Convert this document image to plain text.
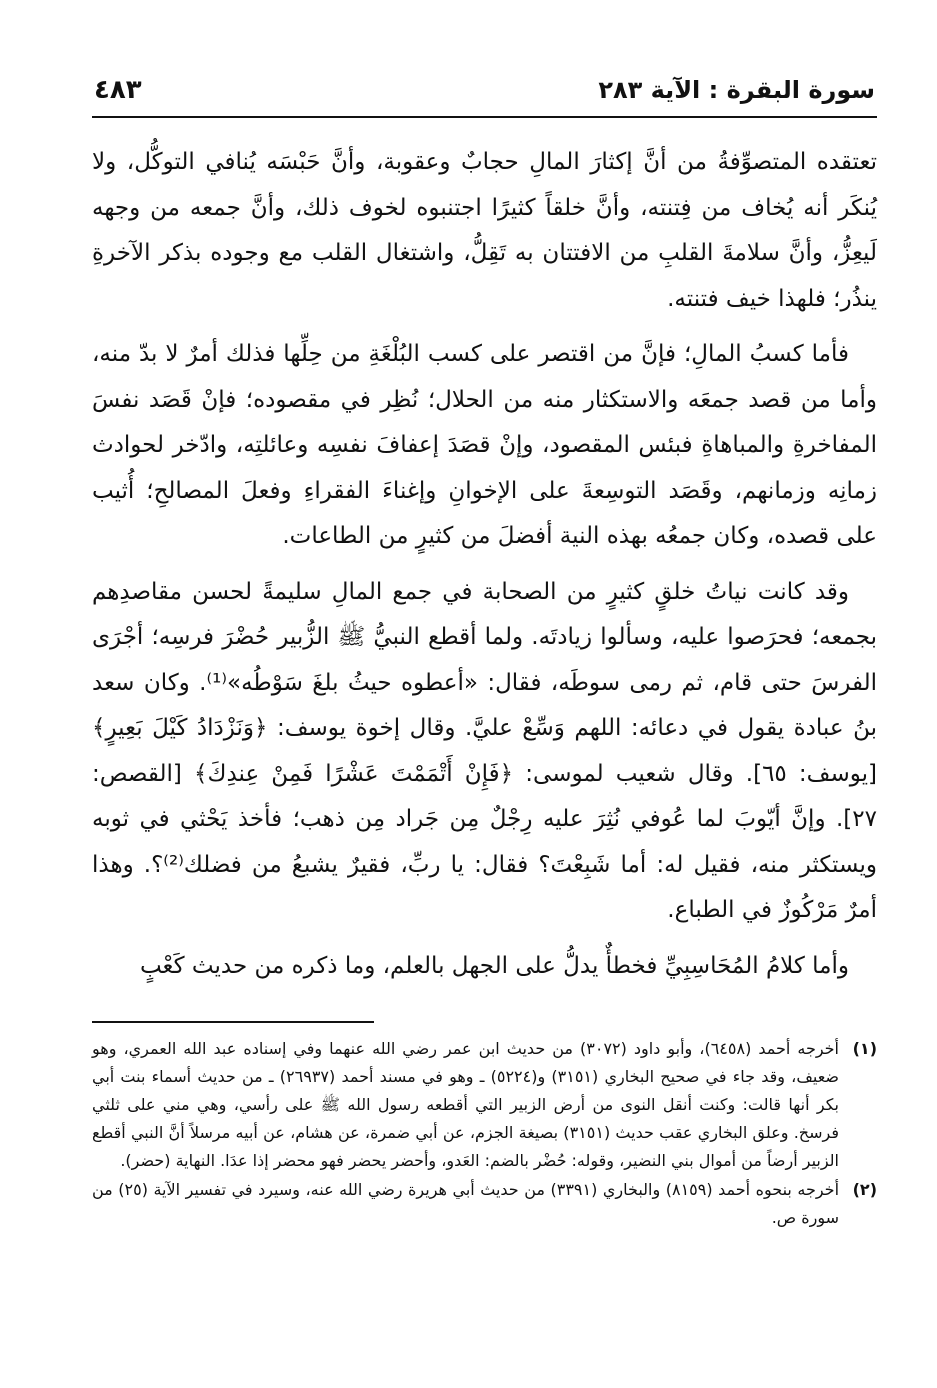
سورة البقرة : الآية ٢٨٣
٤٨٣

تعتقده المتصوِّفةُ من أنَّ إكثارَ المالِ حجابٌ وعقوبة، وأنَّ حَبْسَه يُنافي التوكُّل، ولا يُنكَر أنه يُخاف من فِتنته، وأنَّ خلقاً كثيرًا اجتنبوه لخوف ذلك، وأنَّ جمعه من وجهه لَيعِزُّ، وأنَّ سلامةَ القلبِ من الافتتان به تَقِلُّ، واشتغال القلب مع وجوده بذكر الآخرةِ ينذُر؛ فلهذا خيف فتنته.

فأما كسبُ المالِ؛ فإنَّ من اقتصر على كسب البُلْغَةِ من حِلِّها فذلك أمرٌ لا بدّ منه، وأما من قصد جمعَه والاستكثار منه من الحلال؛ نُظِر في مقصوده؛ فإنْ قَصَد نفسَ المفاخرةِ والمباهاةِ فبئس المقصود، وإنْ قصَدَ إعفافَ نفسِه وعائلتِه، وادّخر لحوادث زمانِه وزمانهم، وقَصَد التوسِعةَ على الإخوانِ وإغناءَ الفقراءِ وفعلَ المصالحِ؛ أُثيب على قصده، وكان جمعُه بهذه النية أفضلَ من كثيرٍ من الطاعات.

وقد كانت نياتُ خلقٍ كثيرٍ من الصحابة في جمع المالِ سليمةً لحسن مقاصدِهم بجمعه؛ فحرَصوا عليه، وسألوا زيادتَه. ولما أقطع النبيُّ ﷺ الزُّبير حُضْرَ فرسِه؛ أجْرَى الفرسَ حتى قام، ثم رمى سوطَه، فقال: «أعطوه حيثُ بلغَ سَوْطُه»⁽¹⁾. وكان سعد بنُ عبادة يقول في دعائه: اللهم وَسِّعْ عليَّ. وقال إخوة يوسف: ﴿وَنَزْدَادُ كَيْلَ بَعِيرٍ﴾ [يوسف: ٦٥]. وقال شعيب لموسى: ﴿فَإِنْ أَتْمَمْتَ عَشْرًا فَمِنْ عِندِكَ﴾ [القصص: ٢٧]. وإنَّ أيّوبَ لما عُوفي نُثِرَ عليه رِجْلٌ مِن جَراد مِن ذهب؛ فأخذ يَحْثي في ثوبه ويستكثر منه، فقيل له: أما شَبِعْتَ؟ فقال: يا ربِّ، فقيرٌ يشبعُ من فضلك⁽²⁾؟. وهذا أمرٌ مَرْكُوزٌ في الطباع.

وأما كلامُ المُحَاسِبِيِّ فخطأٌ يدلُّ على الجهل بالعلم، وما ذكره من حديث كَعْبٍ

(١)
أخرجه أحمد (٦٤٥٨)، وأبو داود (٣٠٧٢) من حديث ابن عمر رضي الله عنهما وفي إسناده عبد الله العمري، وهو ضعيف، وقد جاء في صحيح البخاري (٣١٥١) و(٥٢٢٤) ـ وهو في مسند أحمد (٢٦٩٣٧) ـ من حديث أسماء بنت أبي بكر أنها قالت: وكنت أنقل النوى من أرض الزبير التي أقطعه رسول الله ﷺ على رأسي، وهي مني على ثلثي فرسخ. وعلق البخاري عقب حديث (٣١٥١) بصيغة الجزم، عن أبي ضمرة، عن هشام، عن أبيه مرسلاً أنَّ النبي أقطع الزبير أرضاً من أموال بني النضير، وقوله: حُضْر بالضم: العَدو، وأحضر يحضر فهو محضر إذا عدَا. النهاية (حضر).
(٢)
أخرجه بنحوه أحمد (٨١٥٩) والبخاري (٣٣٩١) من حديث أبي هريرة رضي الله عنه، وسيرد في تفسير الآية (٢٥) من سورة ص.
